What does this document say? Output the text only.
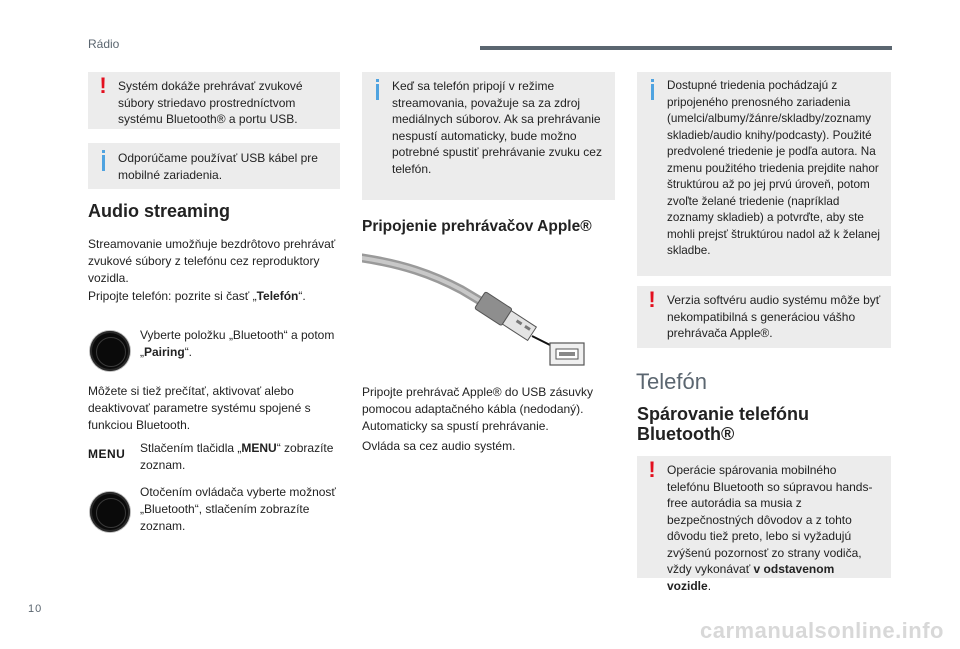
Rádio
! Systém dokáže prehrávať zvukové súbory striedavo prostredníctvom systému Bluetooth® a portu USB.

Odporúčame používať USB kábel pre mobilné zariadenia.

Audio streaming

Streamovanie umožňuje bezdrôtovo prehrávať zvukové súbory z telefónu cez reproduktory vozidla.

Pripojte telefón: pozrite si časť „Telefón“.

Vyberte položku „Bluetooth“ a potom „Pairing“.

Môžete si tiež prečítať, aktivovať alebo deaktivovať parametre systému spojené s funkciou Bluetooth.

MENU Stlačením tlačidla „MENU“ zobrazíte zoznam.

Otočením ovládača vyberte možnosť „Bluetooth“, stlačením zobrazíte zoznam.

Keď sa telefón pripojí v režime streamovania, považuje sa za zdroj mediálnych súborov. Ak sa prehrávanie nespustí automaticky, bude možno potrebné spustiť prehrávanie zvuku cez telefón.

Pripojenie prehrávačov Apple®

Pripojte prehrávač Apple® do USB zásuvky pomocou adaptačného kábla (nedodaný). Automaticky sa spustí prehrávanie.

Ovláda sa cez audio systém.

Dostupné triedenia pochádzajú z pripojeného prenosného zariadenia (umelci/albumy/žánre/skladby/zoznamy skladieb/audio knihy/podcasty). Použité predvolené triedenie je podľa autora. Na zmenu použitého triedenia prejdite nahor štruktúrou až po jej prvú úroveň, potom zvoľte želané triedenie (napríklad zoznamy skladieb) a potvrďte, aby ste mohli prejsť štruktúrou nadol až k želanej skladbe.

! Verzia softvéru audio systému môže byť nekompatibilná s generáciou vášho prehrávača Apple®.

Telefón
Spárovanie telefónu
Bluetooth®
! Operácie spárovania mobilného telefónu Bluetooth so súpravou hands-free autorádia sa musia z bezpečnostných dôvodov a z tohto dôvodu tiež preto, lebo si vyžadujú zvýšenú pozornosť zo strany vodiča, vždy vykonávať v odstavenom vozidle.

10
carmanualsonline.info
